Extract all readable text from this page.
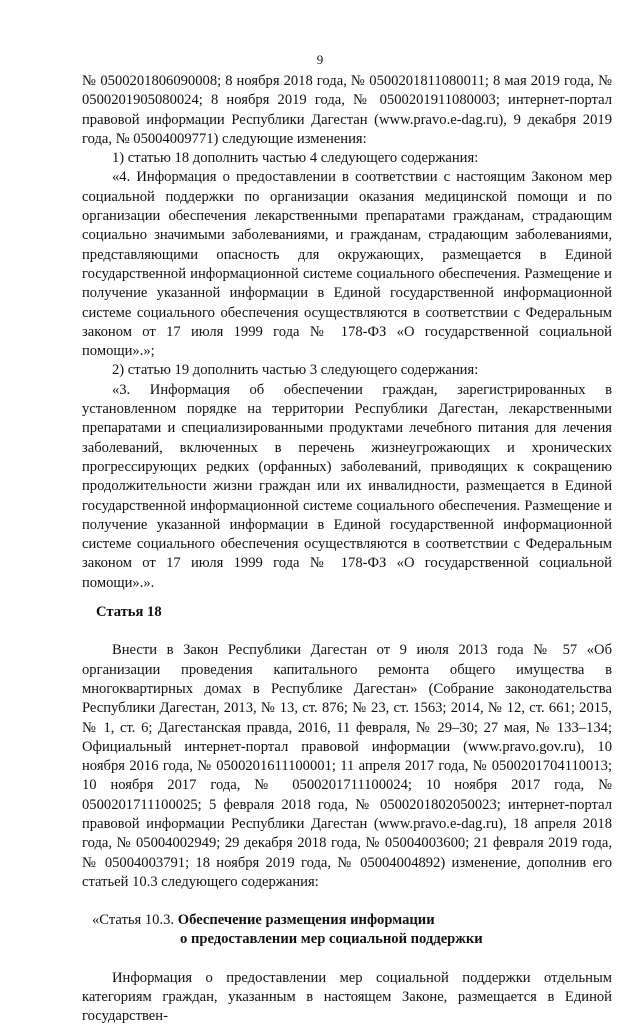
9

№ 0500201806090008; 8 ноября 2018 года, № 0500201811080011; 8 мая 2019 года, № 0500201905080024; 8 ноября 2019 года, № 0500201911080003; интернет-портал правовой информации Республики Дагестан (www.pravo.e-dag.ru), 9 декабря 2019 года, № 05004009771) следующие изменения:

1) статью 18 дополнить частью 4 следующего содержания:

«4. Информация о предоставлении в соответствии с настоящим Законом мер социальной поддержки по организации оказания медицинской помощи и по организации обеспечения лекарственными препаратами гражданам, страдающим социально значимыми заболеваниями, и гражданам, страдающим заболеваниями, представляющими опасность для окружающих, размещается в Единой государственной информационной системе социального обеспечения. Размещение и получение указанной информации в Единой государственной информационной системе социального обеспечения осуществляются в соответствии с Федеральным законом от 17 июля 1999 года № 178-ФЗ «О государственной социальной помощи».»;

2) статью 19 дополнить частью 3 следующего содержания:

«3. Информация об обеспечении граждан, зарегистрированных в установленном порядке на территории Республики Дагестан, лекарственными препаратами и специализированными продуктами лечебного питания для лечения заболеваний, включенных в перечень жизнеугрожающих и хронических прогрессирующих редких (орфанных) заболеваний, приводящих к сокращению продолжительности жизни граждан или их инвалидности, размещается в Единой государственной информационной системе социального обеспечения. Размещение и получение указанной информации в Единой государственной информационной системе социального обеспечения осуществляются в соответствии с Федеральным законом от 17 июля 1999 года № 178-ФЗ «О государственной социальной помощи».».

Статья 18

Внести в Закон Республики Дагестан от 9 июля 2013 года № 57 «Об организации проведения капитального ремонта общего имущества в многоквартирных домах в Республике Дагестан» (Собрание законодательства Республики Дагестан, 2013, № 13, ст. 876; № 23, ст. 1563; 2014, № 12, ст. 661; 2015, № 1, ст. 6; Дагестанская правда, 2016, 11 февраля, № 29–30; 27 мая, № 133–134; Официальный интернет-портал правовой информации (www.pravo.gov.ru), 10 ноября 2016 года, № 0500201611100001; 11 апреля 2017 года, № 0500201704110013; 10 ноября 2017 года, № 0500201711100024; 10 ноября 2017 года, № 0500201711100025; 5 февраля 2018 года, № 0500201802050023; интернет-портал правовой информации Республики Дагестан (www.pravo.e-dag.ru), 18 апреля 2018 года, № 05004002949; 29 декабря 2018 года, № 05004003600; 21 февраля 2019 года, № 05004003791; 18 ноября 2019 года, № 05004004892) изменение, дополнив его статьей 10.3 следующего содержания:

«Статья 10.3. Обеспечение размещения информации
о предоставлении мер социальной поддержки

Информация о предоставлении мер социальной поддержки отдельным категориям граждан, указанным в настоящем Законе, размещается в Единой государствен-
